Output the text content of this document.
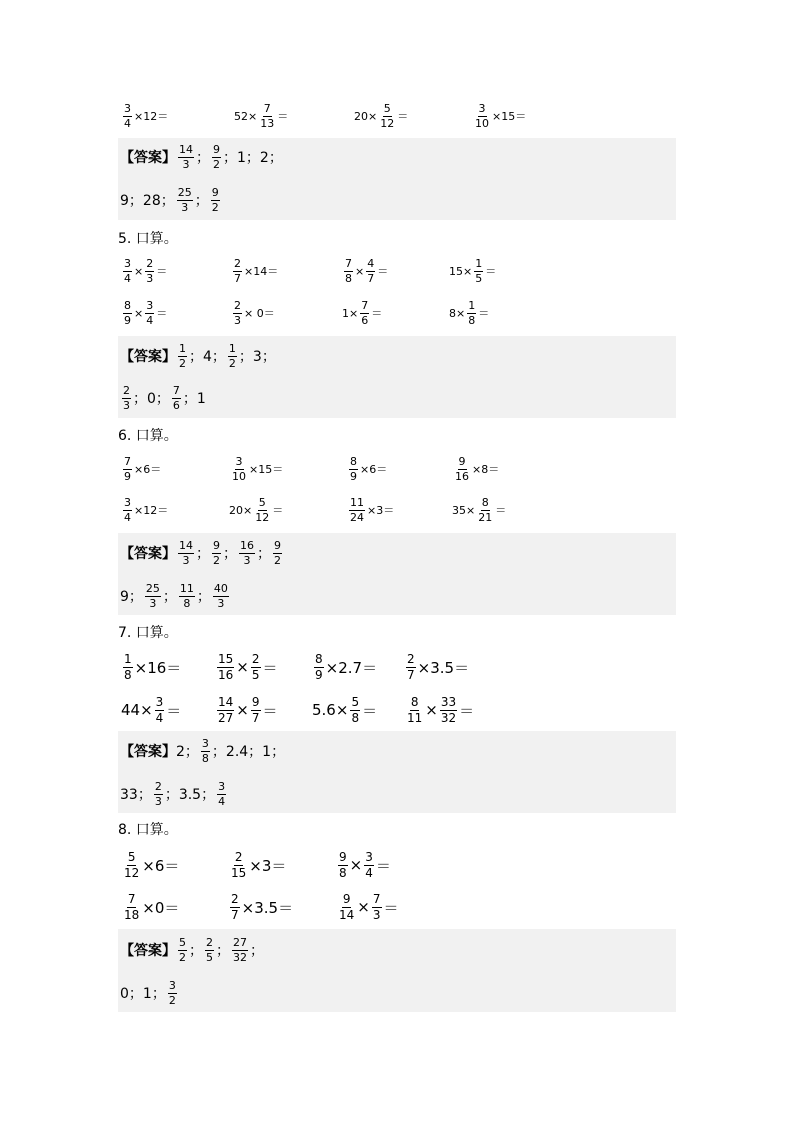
$\frac{3}{4} \times 12=$	$52\times \frac{7}{13}$ ＝	$20\times \frac{5}{12}$ ＝	$\frac{3}{10} \times 15=$
【答案】 $\frac{14}{3}$ ； $\frac{9}{2}$ ；1；2；
9；28； $\frac{25}{3}$ ； $\frac{9}{2}$
5. 口算。
$\frac{3}{4} \times \frac{2}{3}$ ＝	$\frac{2}{7} \times 14=$	$\frac{7}{8} \times \frac{4}{7}$ ＝	$15\times \frac{1}{5}$ ＝
$\frac{8}{9} \times \frac{3}{4}$ ＝	$\frac{2}{3} \times 0=$	$1\times \frac{7}{6}$ ＝	$8\times \frac{1}{8}$ ＝
【答案】 $\frac{1}{2}$ ；4； $\frac{1}{2}$ ；3；
$\frac{2}{3}$ ；0； $\frac{7}{6}$ ；1
6. 口算。
$\frac{7}{9} \times 6=$	$\frac{3}{10} \times 15=$	$\frac{8}{9} \times 6=$	$\frac{9}{16} \times 8=$
$\frac{3}{4} \times 12=$	$20\times \frac{5}{12}$ ＝	$\frac{11}{24} \times 3=$	$35\times \frac{8}{21}$ ＝
【答案】 $\frac{14}{3}$ ； $\frac{9}{2}$ ； $\frac{16}{3}$ ； $\frac{9}{2}$
9； $\frac{25}{3}$ ； $\frac{11}{8}$ ； $\frac{40}{3}$
7. 口算。
$\frac{1}{8} \times 16=$	$\frac{15}{16} \times \frac{2}{5}$ ＝	$\frac{8}{9} \times 2.7= \frac{2}{7} \times 3.5=$
$44\times \frac{3}{4}$ ＝	$\frac{14}{27} \times \frac{9}{7} = 5.6\times \frac{5}{8} = \frac{8}{11} \times \frac{33}{32}$ ＝
【答案】 2； $\frac{3}{8}$ ；2.4；1；
33； $\frac{2}{3}$ ；3.5； $\frac{3}{4}$
8. 口算。
$\frac{5}{12} \times 6=$	$\frac{2}{15} \times 3=$	$\frac{9}{8} \times \frac{3}{4}$ ＝
$\frac{7}{18} \times 0=$	$\frac{2}{7} \times 3.5=$	$\frac{9}{14} \times \frac{7}{3}$ ＝
【答案】 $\frac{5}{2}$ ； $\frac{2}{5}$ ； $\frac{27}{32}$ ；
0；1； $\frac{3}{2}$
